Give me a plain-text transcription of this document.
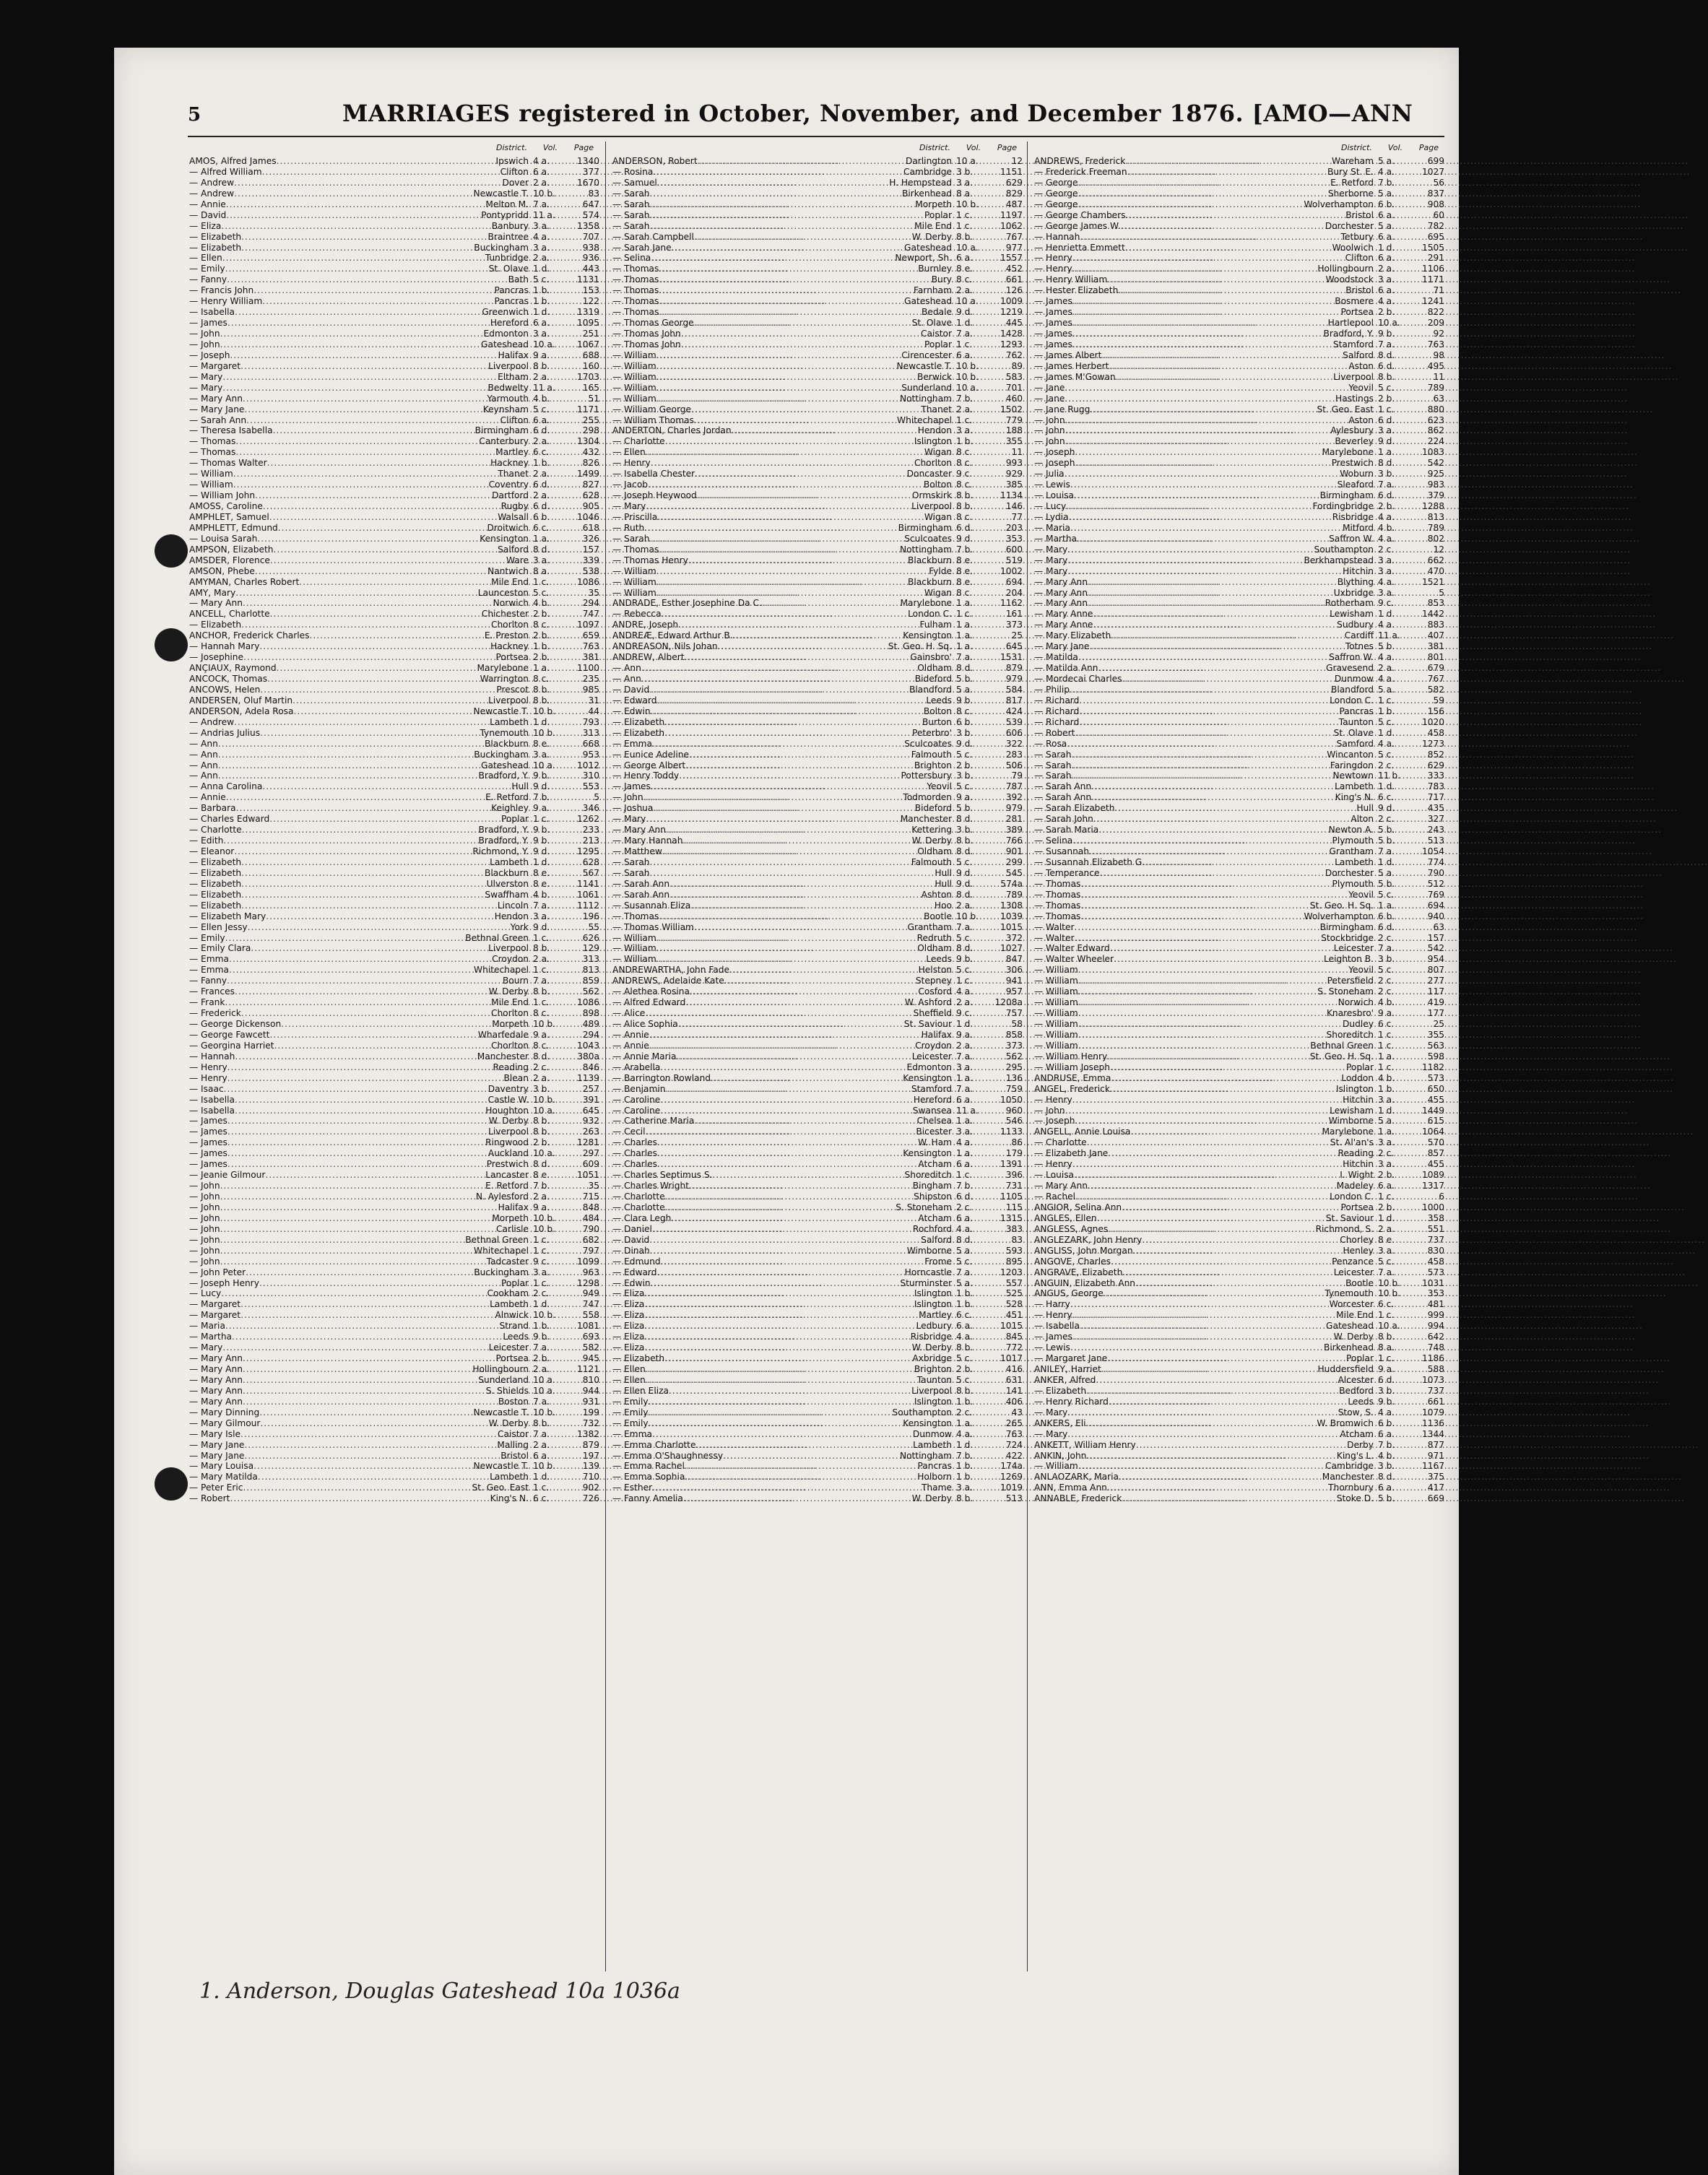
5	MARRIAGES registered in October, November, and December 1876. [AMO—ANN
District. Vol. Page
AMOS, Alfred James .....	Ipswich 4 a.	1340
— Alfred William .....	Clifton 6 a.	377
— Andrew .....	Dover 2 a.	1670
— Andrew .....	Newcastle T. 10 b.	83
— Annie .....	Melton M. 7 a.	647
— David .....	Pontypridd 11 a.	574
— Eliza .....	Banbury 3 a.	1358
— Elizabeth .....	Braintree 4 a.	707
— Elizabeth .....	Buckingham 3 a.	938
— Ellen .....	Tunbridge 2 a.	936
— Emily .....	St. Olave 1 d.	443
— Fanny .....	Bath 5 c.	1131
— Francis John .....	Pancras 1 b.	153
— Henry William .....	Pancras 1 b.	122
— Isabella .....	Greenwich 1 d.	1319
— James .....	Hereford 6 a.	1095
— John .....	Edmonton 3 a.	251
— John .....	Gateshead 10 a.	1067
— Joseph .....	Halifax 9 a.	688
— Margaret .....	Liverpool 8 b.	160
— Mary .....	Eltham 2 a.	1703
— Mary .....	Bedwelty 11 a.	165
— Mary Ann .....	Yarmouth 4 b.	51
— Mary Jane .....	Keynsham 5 c.	1171
— Sarah Ann .....	Clifton 6 a.	255
— Theresa Isabella .....	Birmingham 6 d.	298
— Thomas .....	Canterbury 2 a.	1304
— Thomas .....	Martley 6 c.	432
— Thomas Walter .....	Hackney 1 b.	826
— William .....	Thanet 2 a.	1499
— William .....	Coventry 6 d.	827
— William John .....	Dartford 2 a.	628
AMOSS, Caroline .....	Rugby 6 d.	905
AMPHLET, Samuel .....	Walsall 6 b.	1046
AMPHLETT, Edmund .....	Droitwich 6 c.	618
— Louisa Sarah .....	Kensington 1 a.	326
AMPSON, Elizabeth .....	Salford 8 d.	157
AMSDER, Florence .....	Ware 3 a.	339
AMSON, Phebe .....	Nantwich 8 a.	538
AMYMAN, Charles Robert .....	Mile End 1 c.	1086
AMY, Mary .....	Launceston 5 c.	35
— Mary Ann .....	Norwich 4 b.	294
ANCELL, Charlotte .....	Chichester 2 b.	747
— Elizabeth .....	Chorlton 8 c.	1097
ANCHOR, Frederick Charles .....	E. Preston 2 b.	659
— Hannah Mary .....	Hackney 1 b.	763
— Josephine .....	Portsea 2 b.	381
ANÇIAUX, Raymond .....	Marylebone 1 a.	1100
ANCOCK, Thomas .....	Warrington 8 c.	235
ANCOWS, Helen .....	Prescot 8 b.	985
ANDERSEN, Oluf Martin .....	Liverpool 8 b.	31
ANDERSON, Adela Rosa .....	Newcastle T. 10 b.	44
— Andrew .....	Lambeth 1 d.	793
— Andrias Julius .....	Tynemouth 10 b.	313
— Ann .....	Blackburn 8 e.	668
— Ann .....	Buckingham 3 a.	953
— Ann .....	Gateshead 10 a.	1012
— Ann .....	Bradford, Y. 9 b.	310
— Anna Carolina .....	Hull 9 d.	553
— Annie .....	E. Retford 7 b.	5
— Barbara .....	Keighley 9 a.	346
— Charles Edward .....	Poplar 1 c.	1262
— Charlotte .....	Bradford, Y. 9 b.	233
— Edith .....	Bradford, Y. 9 b.	213
— Eleanor .....	Richmond, Y. 9 d.	1295
— Elizabeth .....	Lambeth 1 d.	628
— Elizabeth .....	Blackburn 8 e.	567
— Elizabeth .....	Ulverston 8 e.	1141
— Elizabeth .....	Swaffham 4 b.	1061
— Elizabeth .....	Lincoln 7 a.	1112
— Elizabeth Mary .....	Hendon 3 a.	196
— Ellen Jessy .....	York 9 d.	55
— Emily .....	Bethnal Green 1 c.	626
— Emily Clara .....	Liverpool 8 b.	129
— Emma .....	Croydon 2 a.	313
— Emma .....	Whitechapel 1 c.	813
— Fanny .....	Bourn 7 a.	859
— Frances .....	W. Derby 8 b.	562
— Frank .....	Mile End 1 c.	1086
— Frederick .....	Chorlton 8 c.	898
— George Dickenson .....	Morpeth 10 b.	489
— George Fawcett .....	Wharfedale 9 a.	294
— Georgina Harriet .....	Chorlton 8 c.	1043
— Hannah .....	Manchester 8 d.	380a
— Henry .....	Reading 2 c.	846
— Henry .....	Blean 2 a.	1139
— Isaac .....	Daventry 3 b.	257
— Isabella .....	Castle W. 10 b.	391
— Isabella .....	Houghton 10 a.	645
— James .....	W. Derby 8 b.	932
— James .....	Liverpool 8 b.	263
— James .....	Ringwood 2 b.	1281
— James .....	Auckland 10 a.	297
— James .....	Prestwich 8 d.	609
— Jeanie Gilmour .....	Lancaster 8 e.	1051
— John .....	E. Retford 7 b.	35
— John .....	N. Aylesford 2 a.	715
— John .....	Halifax 9 a.	848
— John .....	Morpeth 10 b.	484
— John .....	Carlisle 10 b.	790
— John .....	Bethnal Green 1 c.	682
— John .....	Whitechapel 1 c.	797
— John .....	Tadcaster 9 c.	1099
— John Peter .....	Buckingham 3 a.	963
— Joseph Henry .....	Poplar 1 c.	1298
— Lucy .....	Cookham 2 c.	949
— Margaret .....	Lambeth 1 d.	747
— Margaret .....	Alnwick 10 b.	558
— Maria .....	Strand 1 b.	1081
— Martha .....	Leeds 9 b.	693
— Mary .....	Leicester 7 a.	582
— Mary Ann .....	Portsea 2 b.	945
— Mary Ann .....	Hollingbourn 2 a.	1121
— Mary Ann .....	Sunderland 10 a.	810
— Mary Ann .....	S. Shields 10 a.	944
— Mary Ann .....	Boston 7 a.	931
— Mary Dinning .....	Newcastle T. 10 b.	199
— Mary Gilmour .....	W. Derby 8 b.	732
— Mary Isle .....	Caistor 7 a.	1382
— Mary Jane .....	Malling 2 a.	879
— Mary Jane .....	Bristol 6 a.	197
— Mary Louisa .....	Newcastle T. 10 b.	139
— Mary Matilda .....	Lambeth 1 d.	710
— Peter Eric .....	St. Geo. East 1 c.	902
— Robert .....	King's N. 6 c.	726
District. Vol. Page
ANDERSON, Robert .....	Darlington 10 a.	12
— Rosina .....	Cambridge 3 b.	1151
— Samuel .....	H. Hempstead 3 a.	629
— Sarah .....	Birkenhead 8 a.	829
— Sarah .....	Morpeth 10 b.	487
— Sarah .....	Poplar 1 c.	1197
— Sarah .....	Mile End 1 c.	1062
— Sarah Campbell .....	W. Derby 8 b.	767
— Sarah Jane .....	Gateshead 10 a.	977
— Selina .....	Newport, Sh. 6 a.	1557
— Thomas .....	Burnley 8 e.	452
— Thomas .....	Bury 8 c.	661
— Thomas .....	Farnham 2 a.	126
— Thomas .....	Gateshead 10 a.	1009
— Thomas .....	Bedale 9 d.	1219
— Thomas George .....	St. Olave 1 d.	445
— Thomas John .....	Caistor 7 a.	1428
— Thomas John .....	Poplar 1 c.	1293
— William .....	Cirencester 6 a.	762
— William .....	Newcastle T. 10 b.	89
— William .....	Berwick 10 b.	583
— William .....	Sunderland 10 a.	701
— William .....	Nottingham 7 b.	460
— William George .....	Thanet 2 a.	1502
— William Thomas .....	Whitechapel 1 c.	779
ANDERTON, Charles Jordan .....	Hendon 3 a.	188
— Charlotte .....	Islington 1 b.	355
— Ellen .....	Wigan 8 c.	11
— Henry .....	Chorlton 8 c.	993
— Isabella Chester .....	Doncaster 9 c.	929
— Jacob .....	Bolton 8 c.	385
— Joseph Heywood .....	Ormskirk 8 b.	1134
— Mary .....	Liverpool 8 b.	146
— Priscilla .....	Wigan 8 c.	77
— Ruth .....	Birmingham 6 d.	203
— Sarah .....	Sculcoates 9 d.	353
— Thomas .....	Nottingham 7 b.	600
— Thomas Henry .....	Blackburn 8 e.	519
— William .....	Fylde 8 e.	1002
— William .....	Blackburn 8 e.	694
— William .....	Wigan 8 c.	204
ANDRADE, Esther Josephine Da C. .....	Marylebone 1 a.	1162
— Rebecca .....	London C. 1 c.	161
ANDRE, Joseph .....	Fulham 1 a.	373
ANDREÆ, Edward Arthur B. .....	Kensington 1 a.	25
ANDREASON, Nils Johan .....	St. Geo. H. Sq. 1 a.	645
ANDREW, Albert .....	Gainsbro' 7 a.	1531
— Ann .....	Oldham 8 d.	879
— Ann .....	Bideford 5 b.	979
— David .....	Blandford 5 a.	584
— Edward .....	Leeds 9 b.	817
— Edwin .....	Bolton 8 c.	424
— Elizabeth .....	Burton 6 b.	539
— Elizabeth .....	Peterbro' 3 b.	606
— Emma .....	Sculcoates 9 d.	322
— Eunice Adeline .....	Falmouth 5 c.	283
— George Albert .....	Brighton 2 b.	506
— Henry Toddy .....	Pottersbury 3 b.	79
— James .....	Yeovil 5 c.	787
— John .....	Todmorden 9 a.	392
— Joshua .....	Bideford 5 b.	979
— Mary .....	Manchester 8 d.	281
— Mary Ann .....	Kettering 3 b.	389
— Mary Hannah .....	W. Derby 8 b.	766
— Matthew .....	Oldham 8 d.	901
— Sarah .....	Falmouth 5 c.	299
— Sarah .....	Hull 9 d.	545
— Sarah Ann .....	Hull 9 d.	574a
— Sarah Ann .....	Ashton 8 d.	789
— Susannah Eliza .....	Hoo 2 a.	1308
— Thomas .....	Bootle 10 b.	1039
— Thomas William .....	Grantham 7 a.	1015
— William .....	Redruth 5 c.	372
— William .....	Oldham 8 d.	1027
— William .....	Leeds 9 b.	847
ANDREWARTHA, John Fade .....	Helston 5 c.	306
ANDREWS, Adelaide Kate .....	Stepney 1 c.	941
— Alethea Rosina .....	Cosford 4 a.	957
— Alfred Edward .....	W. Ashford 2 a.	1208a
— Alice .....	Sheffield 9 c.	757
— Alice Sophia .....	St. Saviour 1 d.	58
— Annie .....	Halifax 9 a.	858
— Annie .....	Croydon 2 a.	373
— Annie Maria .....	Leicester 7 a.	562
— Arabella .....	Edmonton 3 a.	295
— Barrington Rowland .....	Kensington 1 a.	136
— Benjamin .....	Stamford 7 a.	759
— Caroline .....	Hereford 6 a.	1050
— Caroline .....	Swansea 11 a.	960
— Catherine Maria .....	Chelsea 1 a.	546
— Cecil .....	Bicester 3 a.	1133
— Charles .....	W. Ham 4 a.	86
— Charles .....	Kensington 1 a.	179
— Charles .....	Atcham 6 a.	1391
— Charles Septimus S. .....	Shoreditch 1 c.	396
— Charles Wright .....	Bingham 7 b.	731
— Charlotte .....	Shipston 6 d.	1105
— Charlotte .....	S. Stoneham 2 c.	115
— Clara Legh .....	Atcham 6 a.	1315
— Daniel .....	Rochford 4 a.	383
— David .....	Salford 8 d.	83
— Dinah .....	Wimborne 5 a.	593
— Edmund .....	Frome 5 c.	895
— Edward .....	Horncastle 7 a.	1203
— Edwin .....	Sturminster 5 a.	557
— Eliza .....	Islington 1 b.	525
— Eliza .....	Islington 1 b.	528
— Eliza .....	Martley 6 c.	451
— Eliza .....	Ledbury 6 a.	1015
— Eliza .....	Risbridge 4 a.	845
— Eliza .....	W. Derby 8 b.	772
— Elizabeth .....	Axbridge 5 c.	1017
— Ellen .....	Brighton 2 b.	416
— Ellen .....	Taunton 5 c.	631
— Ellen Eliza .....	Liverpool 8 b.	141
— Emily .....	Islington 1 b.	406
— Emily .....	Southampton 2 c.	43
— Emily .....	Kensington 1 a.	265
— Emma .....	Dunmow 4 a.	763
— Emma Charlotte .....	Lambeth 1 d.	724
— Emma O'Shaughnessy .....	Nottingham 7 b.	422
— Emma Rachel .....	Pancras 1 b.	174a
— Emma Sophia .....	Holborn 1 b.	1269
— Esther .....	Thame 3 a.	1019
— Fanny Amelia .....	W. Derby 8 b.	513
District. Vol. Page
ANDREWS, Frederick .....	Wareham 5 a.	699
— Frederick Freeman .....	Bury St. E. 4 a.	1027
— George .....	E. Retford 7 b.	56
— George .....	Sherborne 5 a.	837
— George .....	Wolverhampton 6 b.	908
— George Chambers .....	Bristol 6 a.	60
— George James W. .....	Dorchester 5 a.	782
— Hannah .....	Tetbury 6 a.	695
— Henrietta Emmett .....	Woolwich 1 d.	1505
— Henry .....	Clifton 6 a.	291
— Henry .....	Hollingbourn 2 a.	1106
— Henry William .....	Woodstock 3 a.	1171
— Hester Elizabeth .....	Bristol 6 a.	71
— James .....	Bosmere 4 a.	1241
— James .....	Portsea 2 b.	822
— James .....	Hartlepool 10 a.	209
— James .....	Bradford, Y. 9 b.	92
— James .....	Stamford 7 a.	763
— James Albert .....	Salford 8 d.	98
— James Herbert .....	Aston 6 d.	495
— James M'Gowan .....	Liverpool 8 b.	11
— Jane .....	Yeovil 5 c.	789
— Jane .....	Hastings 2 b.	63
— Jane Rugg .....	St. Geo. East 1 c.	880
— John .....	Aston 6 d.	623
— John .....	Aylesbury 3 a.	862
— John .....	Beverley 9 d.	224
— Joseph .....	Marylebone 1 a.	1083
— Joseph .....	Prestwich 8 d.	542
— Julia .....	Woburn 3 b.	925
— Lewis .....	Sleaford 7 a.	983
— Louisa .....	Birmingham 6 d.	379
— Lucy .....	Fordingbridge 2 b.	1288
— Lydia .....	Risbridge 4 a.	813
— Maria .....	Mitford 4 b.	789
— Martha .....	Saffron W. 4 a.	802
— Mary .....	Southampton 2 c.	12
— Mary .....	Berkhampstead 3 a.	662
— Mary .....	Hitchin 3 a.	470
— Mary Ann .....	Blything 4 a.	1521
— Mary Ann .....	Uxbridge 3 a.	5
— Mary Ann .....	Rotherham 9 c.	853
— Mary Anne .....	Lewisham 1 d.	1442
— Mary Anne .....	Sudbury 4 a.	883
— Mary Elizabeth .....	Cardiff 11 a.	407
— Mary Jane .....	Totnes 5 b.	381
— Matilda .....	Saffron W. 4 a.	801
— Matilda Ann .....	Gravesend 2 a.	679
— Mordecai Charles .....	Dunmow 4 a.	767
— Philip .....	Blandford 5 a.	582
— Richard .....	London C. 1 c.	59
— Richard .....	Pancras 1 b.	156
— Richard .....	Taunton 5 c.	1020
— Robert .....	St. Olave 1 d.	458
— Rosa .....	Samford 4 a.	1273
— Sarah .....	Wincanton 5 c.	852
— Sarah .....	Faringdon 2 c.	629
— Sarah .....	Newtown 11 b.	333
— Sarah Ann .....	Lambeth 1 d.	783
— Sarah Ann .....	King's N. 6 c.	717
— Sarah Elizabeth .....	Hull 9 d.	435
— Sarah John .....	Alton 2 c.	327
— Sarah Maria .....	Newton A. 5 b.	243
— Selina .....	Plymouth 5 b.	513
— Susannah .....	Grantham 7 a.	1054
— Susannah Elizabeth G. .....	Lambeth 1 d.	774
— Temperance .....	Dorchester 5 a.	790
— Thomas .....	Plymouth 5 b.	512
— Thomas .....	Yeovil 5 c.	769
— Thomas .....	St. Geo. H. Sq. 1 a.	694
— Thomas .....	Wolverhampton 6 b.	940
— Walter .....	Birmingham 6 d.	63
— Walter .....	Stockbridge 2 c.	157
— Walter Edward .....	Leicester 7 a.	542
— Walter Wheeler .....	Leighton B. 3 b.	954
— William .....	Yeovil 5 c.	807
— William .....	Petersfield 2 c.	277
— William .....	S. Stoneham 2 c.	117
— William .....	Norwich 4 b.	419
— William .....	Knaresbro' 9 a.	177
— William .....	Dudley 6 c.	25
— William .....	Shoreditch 1 c.	355
— William .....	Bethnal Green 1 c.	563
— William Henry .....	St. Geo. H. Sq. 1 a.	598
— William Joseph .....	Poplar 1 c.	1182
ANDRUSE, Emma .....	Loddon 4 b.	573
ANGEL, Frederick .....	Islington 1 b.	650
— Henry .....	Hitchin 3 a.	455
— John .....	Lewisham 1 d.	1449
— Joseph .....	Wimborne 5 a.	615
ANGELL, Annie Louisa .....	Marylebone 1 a.	1064
— Charlotte .....	St. Al'an's 3 a.	570
— Elizabeth Jane .....	Reading 2 c.	857
— Henry .....	Hitchin 3 a.	455
— Louisa .....	I. Wight 2 b.	1089
— Mary Ann .....	Madeley 6 a.	1317
— Rachel .....	London C. 1 c.	6
ANGIOR, Selina Ann .....	Portsea 2 b.	1000
ANGLES, Ellen .....	St. Saviour 1 d.	358
ANGLESS, Agnes .....	Richmond, S. 2 a.	551
ANGLEZARK, John Henry .....	Chorley 8 e.	737
ANGLISS, John Morgan .....	Henley 3 a.	830
ANGOVE, Charles .....	Penzance 5 c.	458
ANGRAVE, Elizabeth .....	Leicester 7 a.	573
ANGUIN, Elizabeth Ann .....	Bootle 10 b.	1031
ANGUS, George .....	Tynemouth 10 b.	353
— Harry .....	Worcester 6 c.	481
— Henry .....	Mile End 1 c.	999
— Isabella .....	Gateshead 10 a.	994
— James .....	W. Derby 8 b.	642
— Lewis .....	Birkenhead 8 a.	748
— Margaret Jane .....	Poplar 1 c.	1186
ANILEY, Harriet .....	Huddersfield 9 a.	588
ANKER, Alfred .....	Alcester 6 d.	1073
— Elizabeth .....	Bedford 3 b.	737
— Henry Richard .....	Leeds 9 b.	661
— Mary .....	Stow, S. 4 a.	1079
ANKERS, Eli .....	W. Bromwich 6 b.	1136
— Mary .....	Atcham 6 a.	1344
ANKETT, William Henry .....	Derby 7 b.	877
ANKIN, John .....	King's L. 4 b.	971
— William .....	Cambridge 3 b.	1167
ANLAOZARK, Maria .....	Manchester 8 d.	375
ANN, Emma Ann .....	Thornbury 6 a.	417
ANNABLE, Frederick .....	Stoke D. 5 b.	669
1. Anderson, Douglas Gateshead 10a 1036a
